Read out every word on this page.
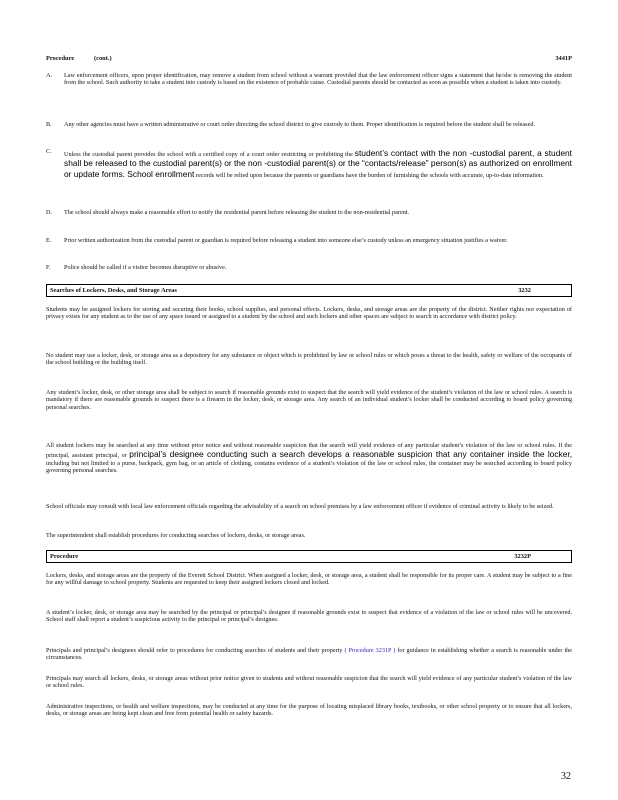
Procedure	(cont.)	3441P
A. Law enforcement officers, upon proper identification, may remove a student from school without a warrant provided that the law enforcement officer signs a statement that he/she is removing the student from the school. Such authority to take a student into custody is based on the existence of probable cause. Custodial parents should be contacted as soon as possible when a student is taken into custody.
B. Any other agencies must have a written administrative or court order directing the school district to give custody to them. Proper identification is required before the student shall be released.
C. Unless the custodial parent provides the school with a certified copy of a court order restricting or prohibiting the student’s contact with the non -custodial parent, a student shall be released to the custodial parent(s) or the non -custodial parent(s) or the “contacts/release” person(s) as authorized on enrollment or update forms. School enrollment records will be relied upon because the parents or guardians have the burden of furnishing the schools with accurate, up-to-date information.
D. The school should always make a reasonable effort to notify the residential parent before releasing the student to the non-residential parent.
E. Prior written authorization from the custodial parent or guardian is required before releasing a student into someone else’s custody unless an emergency situation justifies a waiver.
F. Police should be called if a visitor becomes disruptive or abusive.
Searches of Lockers, Desks, and Storage Areas	3232
Students may be assigned lockers for storing and securing their books, school supplies, and personal effects. Lockers, desks, and storage areas are the property of the district. Neither rights nor expectation of privacy exists for any student as to the use of any space issued or assigned to a student by the school and such lockers and other spaces are subject to search in accordance with district policy.
No student may use a locker, desk, or storage area as a depository for any substance or object which is prohibited by law or school rules or which poses a threat to the health, safety or welfare of the occupants of the school building or the building itself.
Any student’s locker, desk, or other storage area shall be subject to search if reasonable grounds exist to suspect that the search will yield evidence of the student’s violation of the law or school rules. A search is mandatory if there are reasonable grounds to suspect there is a firearm in the locker, desk, or storage area. Any search of an individual student’s locker shall be conducted according to board policy governing personal searches.
All student lockers may be searched at any time without prior notice and without reasonable suspicion that the search will yield evidence of any particular student’s violation of the law or school rules. If the principal, assistant principal, or principal’s designee conducting such a search develops a reasonable suspicion that any container inside the locker, including but not limited to a purse, backpack, gym bag, or an article of clothing, contains evidence of a student’s violation of the law or school rules, the container may be searched according to board policy governing personal searches.
School officials may consult with local law enforcement officials regarding the advisability of a search on school premises by a law enforcement officer if evidence of criminal activity is likely to be seized.
The superintendent shall establish procedures for conducting searches of lockers, desks, or storage areas.
Procedure	3232P
Lockers, desks, and storage areas are the property of the Everett School District. When assigned a locker, desk, or storage area, a student shall be responsible for its proper care. A student may be subject to a fine for any willful damage to school property. Students are requested to keep their assigned lockers closed and locked.
A student’s locker, desk, or storage area may be searched by the principal or principal’s designee if reasonable grounds exist to suspect that evidence of a violation of the law or school rules will be uncovered. School staff shall report a student’s suspicious activity to the principal or principal’s designee.
Principals and principal’s designees should refer to procedures for conducting searches of students and their property ( Procedure 3231P ) for guidance in establishing whether a search is reasonable under the circumstances.
Principals may search all lockers, desks, or storage areas without prior notice given to students and without reasonable suspicion that the search will yield evidence of any particular student’s violation of the law or school rules.
Administrative inspections, or health and welfare inspections, may be conducted at any time for the purpose of locating misplaced library books, textbooks, or other school property or to ensure that all lockers, desks, or storage areas are being kept clean and free from potential health or safety hazards.
32
